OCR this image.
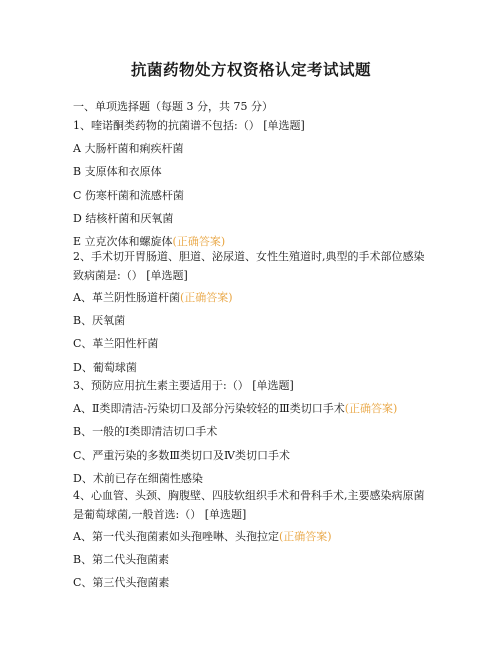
抗菌药物处方权资格认定考试试题
一、单项选择题（每题 3 分，共 75 分）
1、喹诺酮类药物的抗菌谱不包括:（） [单选题]
A 大肠杆菌和痢疾杆菌
B 支原体和衣原体
C 伤寒杆菌和流感杆菌
D 结核杆菌和厌氧菌
E 立克次体和螺旋体(正确答案)
2、手术切开胃肠道、胆道、泌尿道、女性生殖道时,典型的手术部位感染致病菌是:（） [单选题]
A、革兰阴性肠道杆菌(正确答案)
B、厌氧菌
C、革兰阳性杆菌
D、葡萄球菌
3、预防应用抗生素主要适用于:（） [单选题]
A、Ⅱ类即清洁-污染切口及部分污染较轻的Ⅲ类切口手术(正确答案)
B、一般的Ⅰ类即清洁切口手术
C、严重污染的多数Ⅲ类切口及Ⅳ类切口手术
D、术前已存在细菌性感染
4、心血管、头颈、胸腹壁、四肢软组织手术和骨科手术,主要感染病原菌是葡萄球菌,一般首选:（） [单选题]
A、第一代头孢菌素如头孢唑啉、头孢拉定(正确答案)
B、第二代头孢菌素
C、第三代头孢菌素
